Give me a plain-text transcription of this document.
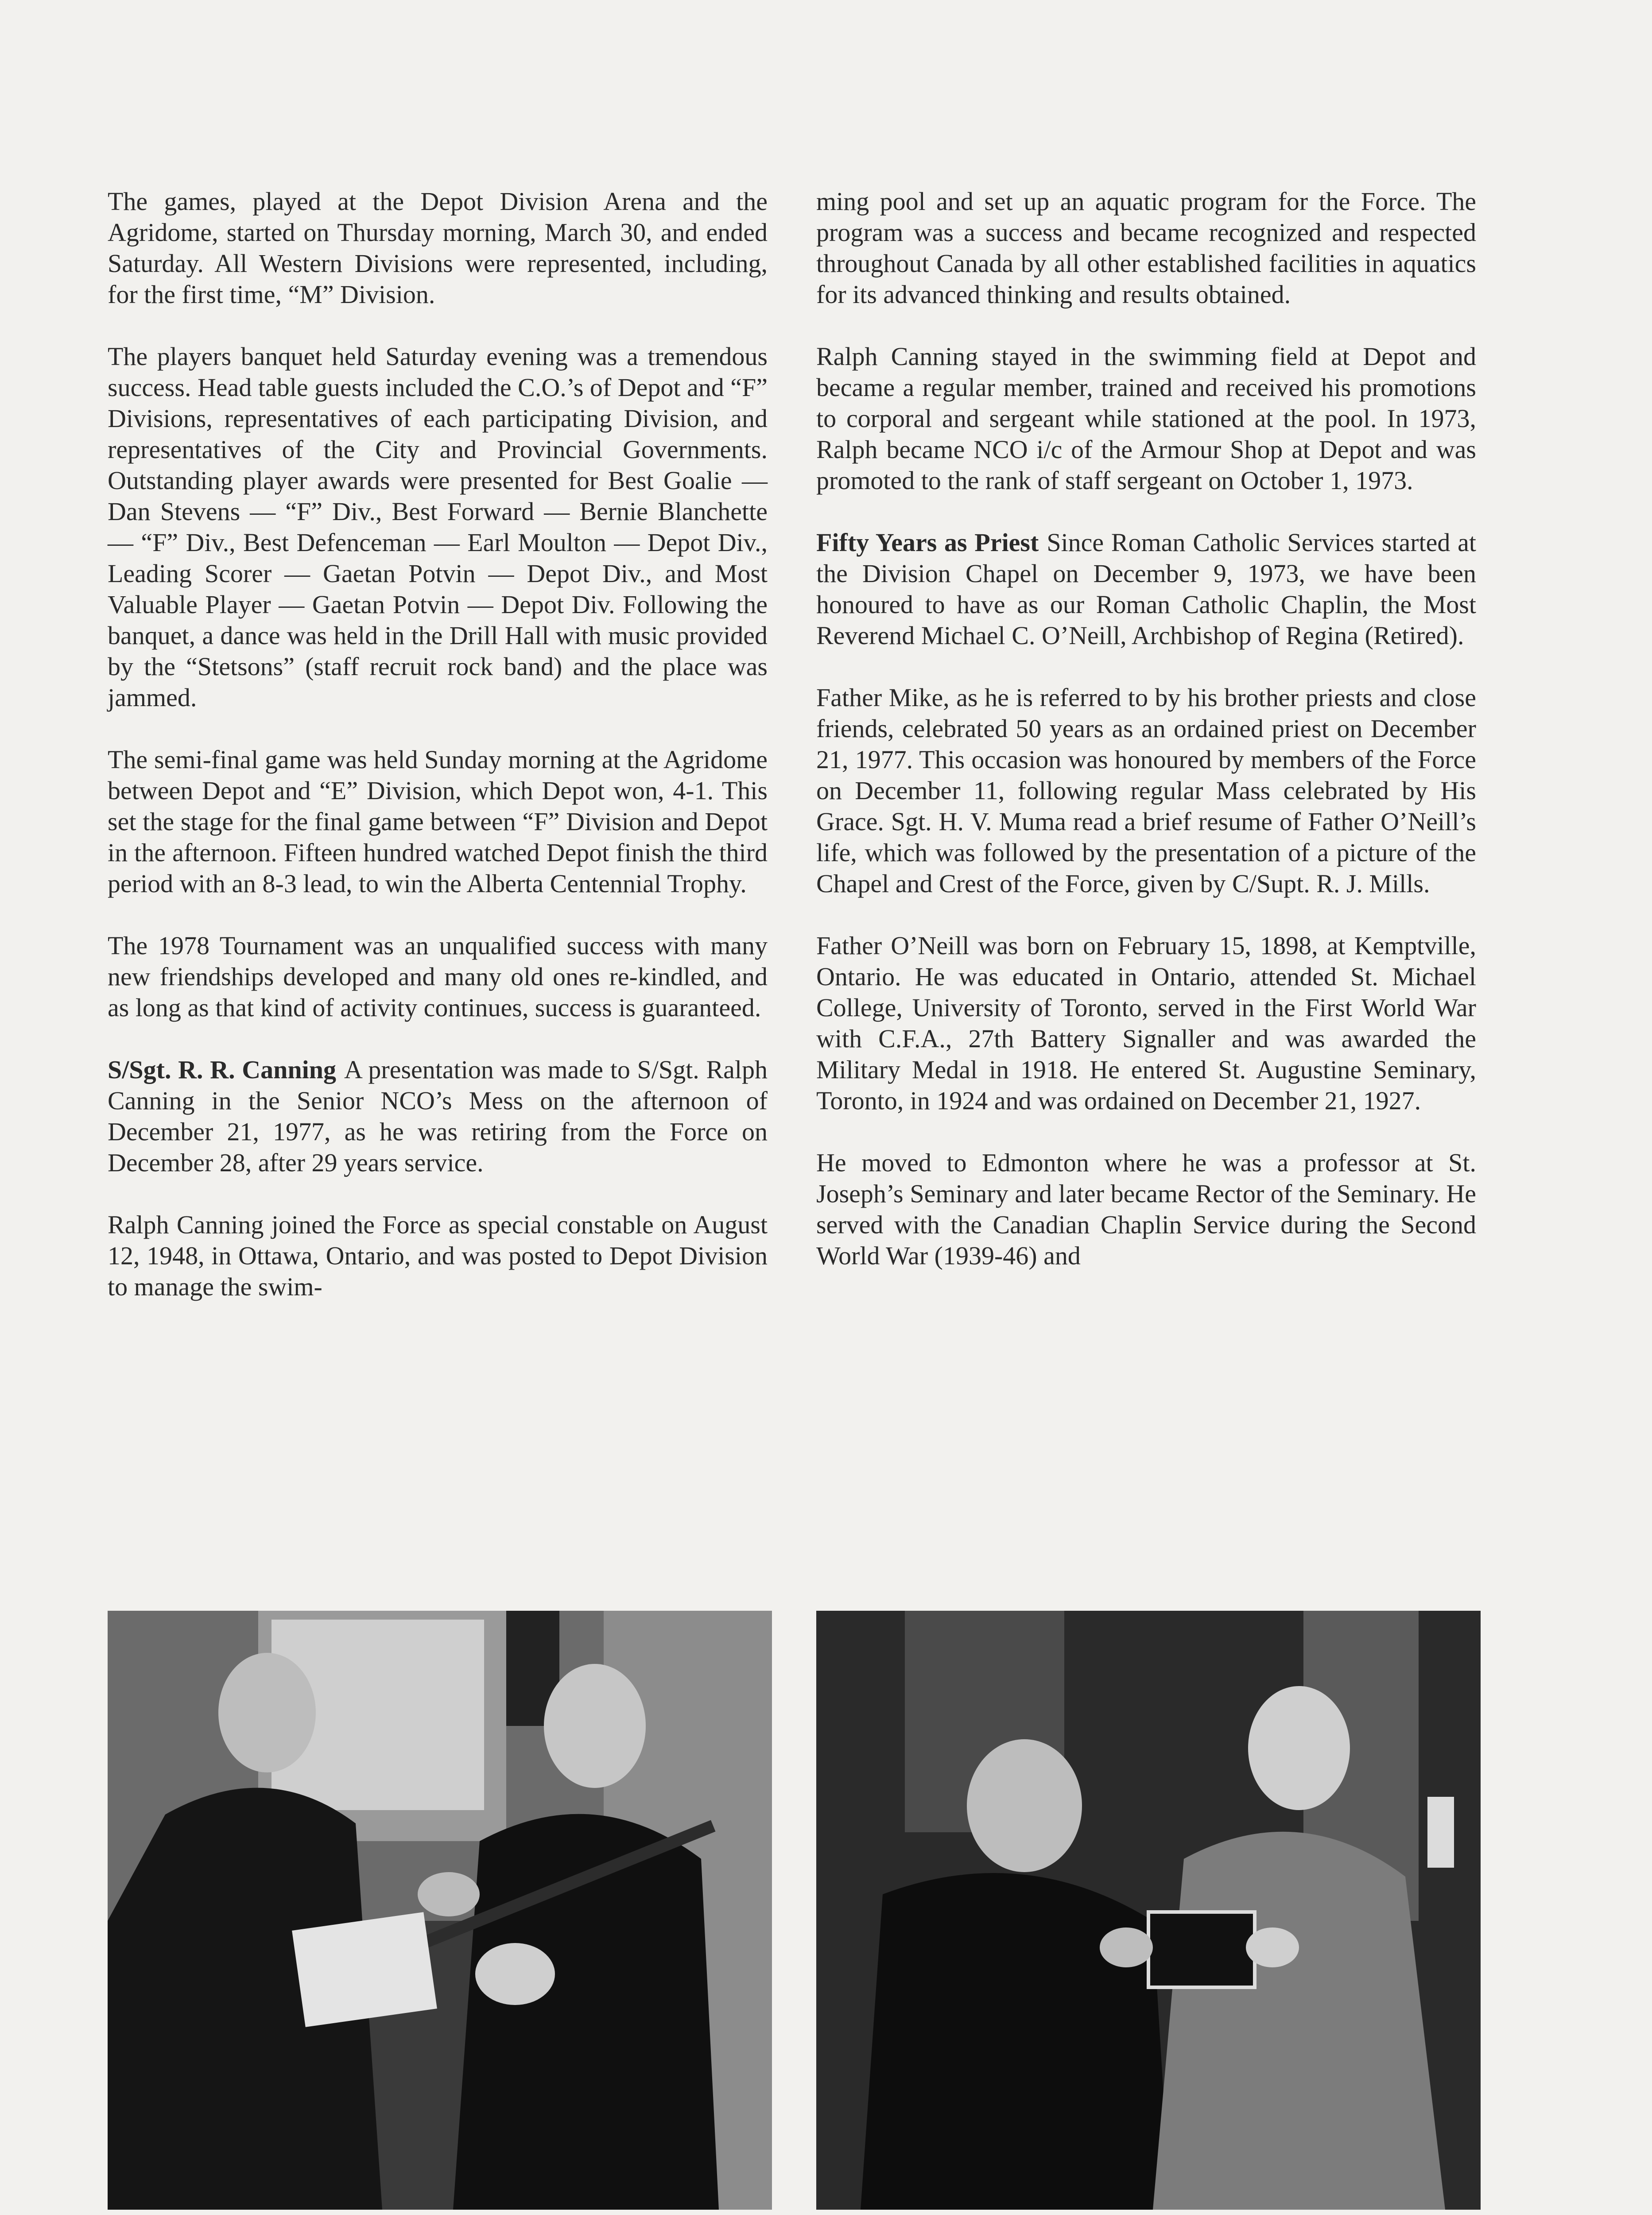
The games, played at the Depot Division Arena and the Agridome, started on Thursday morning, March 30, and ended Saturday. All Western Divisions were represented, including, for the first time, “M” Division.

The players banquet held Saturday evening was a tremendous success. Head table guests included the C.O.’s of Depot and “F” Divisions, representatives of each participating Division, and representatives of the City and Provincial Governments. Outstanding player awards were presented for Best Goalie — Dan Stevens — “F” Div., Best Forward — Bernie Blanchette — “F” Div., Best Defenceman — Earl Moulton — Depot Div., Leading Scorer — Gaetan Potvin — Depot Div., and Most Valuable Player — Gaetan Potvin — Depot Div. Following the banquet, a dance was held in the Drill Hall with music provided by the “Stetsons” (staff recruit rock band) and the place was jammed.

The semi-final game was held Sunday morning at the Agridome between Depot and “E” Division, which Depot won, 4-1. This set the stage for the final game between “F” Division and Depot in the afternoon. Fifteen hundred watched Depot finish the third period with an 8-3 lead, to win the Alberta Centennial Trophy.

The 1978 Tournament was an unqualified success with many new friendships developed and many old ones re-kindled, and as long as that kind of activity continues, success is guaranteed.

S/Sgt. R. R. Canning A presentation was made to S/Sgt. Ralph Canning in the Senior NCO’s Mess on the afternoon of December 21, 1977, as he was retiring from the Force on December 28, after 29 years service.

Ralph Canning joined the Force as special constable on August 12, 1948, in Ottawa, Ontario, and was posted to Depot Division to manage the swim-

ming pool and set up an aquatic program for the Force. The program was a success and became recognized and respected throughout Canada by all other established facilities in aquatics for its advanced thinking and results obtained.

Ralph Canning stayed in the swimming field at Depot and became a regular member, trained and received his promotions to corporal and sergeant while stationed at the pool. In 1973, Ralph became NCO i/c of the Armour Shop at Depot and was promoted to the rank of staff sergeant on October 1, 1973.

Fifty Years as Priest Since Roman Catholic Services started at the Division Chapel on December 9, 1973, we have been honoured to have as our Roman Catholic Chaplin, the Most Reverend Michael C. O’Neill, Archbishop of Regina (Retired).

Father Mike, as he is referred to by his brother priests and close friends, celebrated 50 years as an ordained priest on December 21, 1977. This occasion was honoured by members of the Force on December 11, following regular Mass celebrated by His Grace. Sgt. H. V. Muma read a brief resume of Father O’Neill’s life, which was followed by the presentation of a picture of the Chapel and Crest of the Force, given by C/Supt. R. J. Mills.

Father O’Neill was born on February 15, 1898, at Kemptville, Ontario. He was educated in Ontario, attended St. Michael College, University of Toronto, served in the First World War with C.F.A., 27th Battery Signaller and was awarded the Military Medal in 1918. He entered St. Augustine Seminary, Toronto, in 1924 and was ordained on December 21, 1927.

He moved to Edmonton where he was a professor at St. Joseph’s Seminary and later became Rector of the Seminary. He served with the Canadian Chaplin Service during the Second World War (1939-46) and
